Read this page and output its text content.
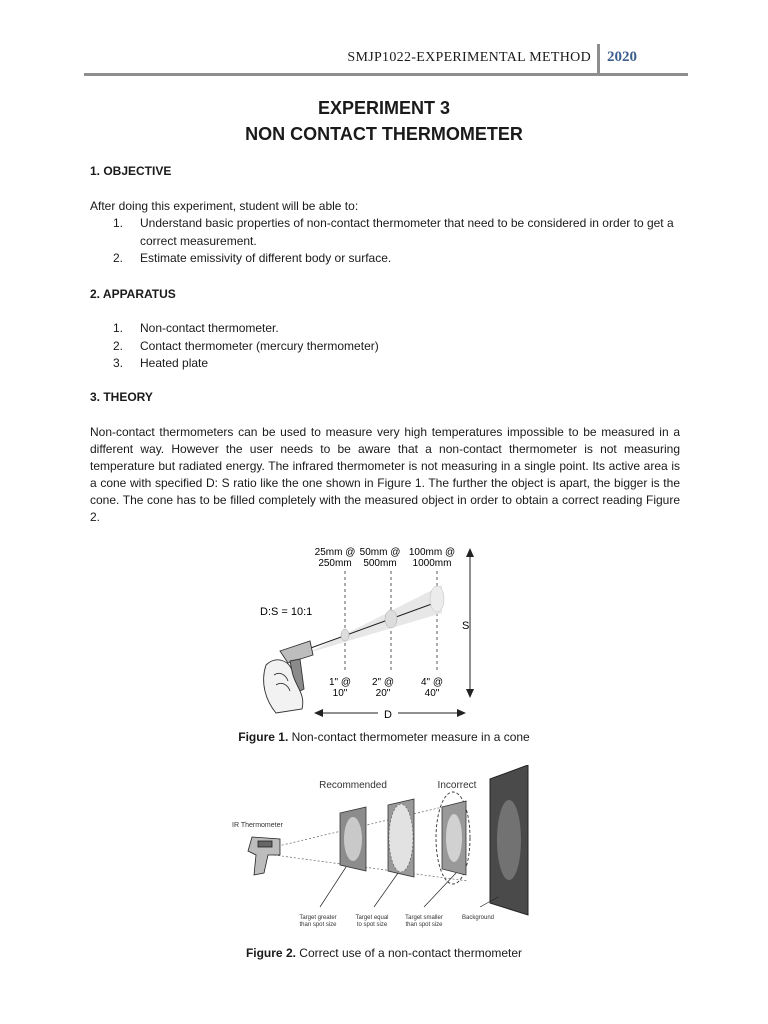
SMJP1022-EXPERIMENTAL METHOD 2020
EXPERIMENT 3
NON CONTACT THERMOMETER
1. OBJECTIVE
After doing this experiment, student will be able to:
1. Understand basic properties of non-contact thermometer that need to be considered in order to get a correct measurement.
2. Estimate emissivity of different body or surface.
2. APPARATUS
1. Non-contact thermometer.
2. Contact thermometer (mercury thermometer)
3. Heated plate
3. THEORY
Non-contact thermometers can be used to measure very high temperatures impossible to be measured in a different way. However the user needs to be aware that a non-contact thermometer is not measuring temperature but radiated energy. The infrared thermometer is not measuring in a single point. Its active area is a cone with specified D: S ratio like the one shown in Figure 1. The further the object is apart, the bigger is the cone. The cone has to be filled completely with the measured object in order to obtain a correct reading Figure 2.
25mm @
250mm
50mm @
500mm
100mm @
1000mm
D:S = 10:1
1" @
10"
2" @
20"
4" @
40"
S
D
Figure 1. Non-contact thermometer measure in a cone
Recommended	Incorrect
IR Thermometer
Target greater
than spot size
Target equal
to spot size
Target smaller
than spot size
Background
Figure 2. Correct use of a non-contact thermometer
